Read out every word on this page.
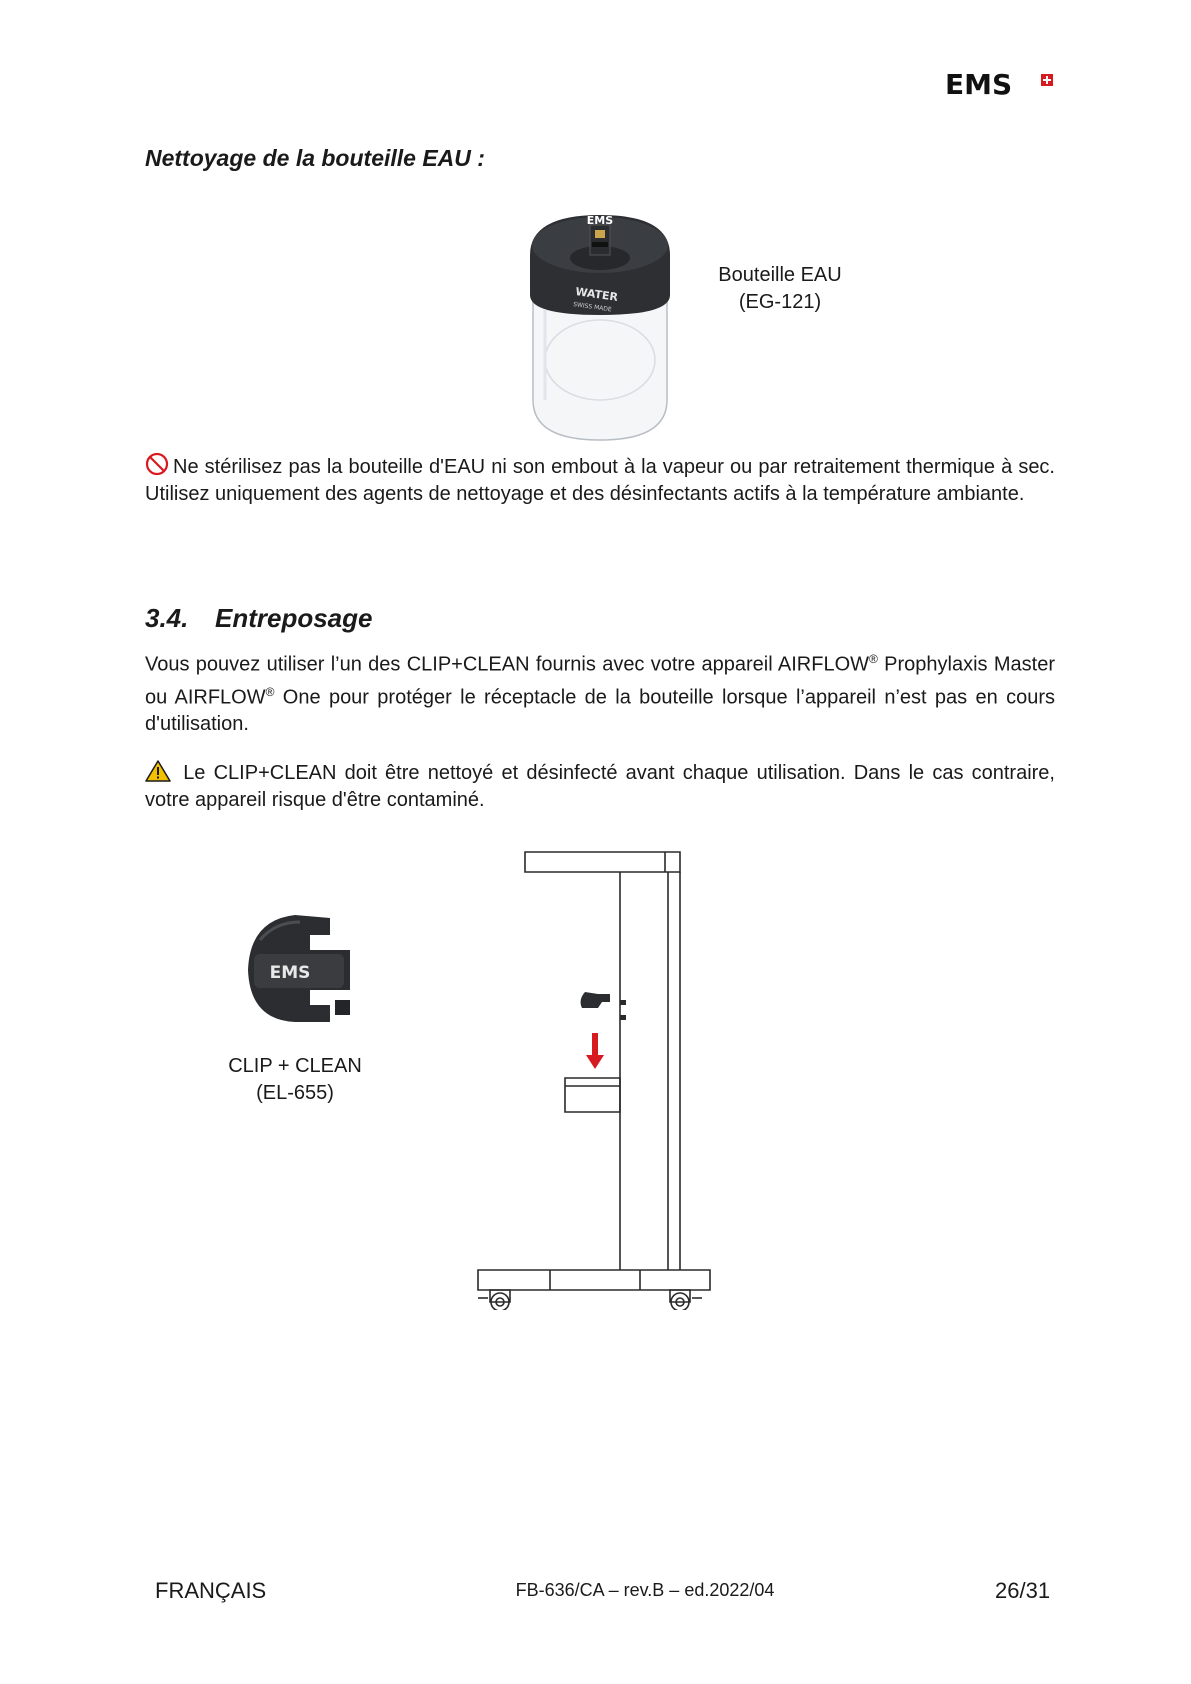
EMS
Nettoyage de la bouteille EAU :
EMS
WATER
SWISS MADE
Bouteille EAU
(EG-121)
Ne stérilisez pas la bouteille d'EAU ni son embout à la vapeur ou par retraitement thermique à sec. Utilisez uniquement des agents de nettoyage et des désinfectants actifs à la température ambiante.
3.4. Entreposage
Vous pouvez utiliser l’un des CLIP+CLEAN fournis avec votre appareil AIRFLOW® Prophylaxis Master ou AIRFLOW® One pour protéger le réceptacle de la bouteille lorsque l’appareil n’est pas en cours d'utilisation.
Le CLIP+CLEAN doit être nettoyé et désinfecté avant chaque utilisation. Dans le cas contraire, votre appareil risque d'être contaminé.
EMS
CLIP + CLEAN
(EL-655)
FRANÇAIS	FB-636/CA – rev.B – ed.2022/04	26/31
